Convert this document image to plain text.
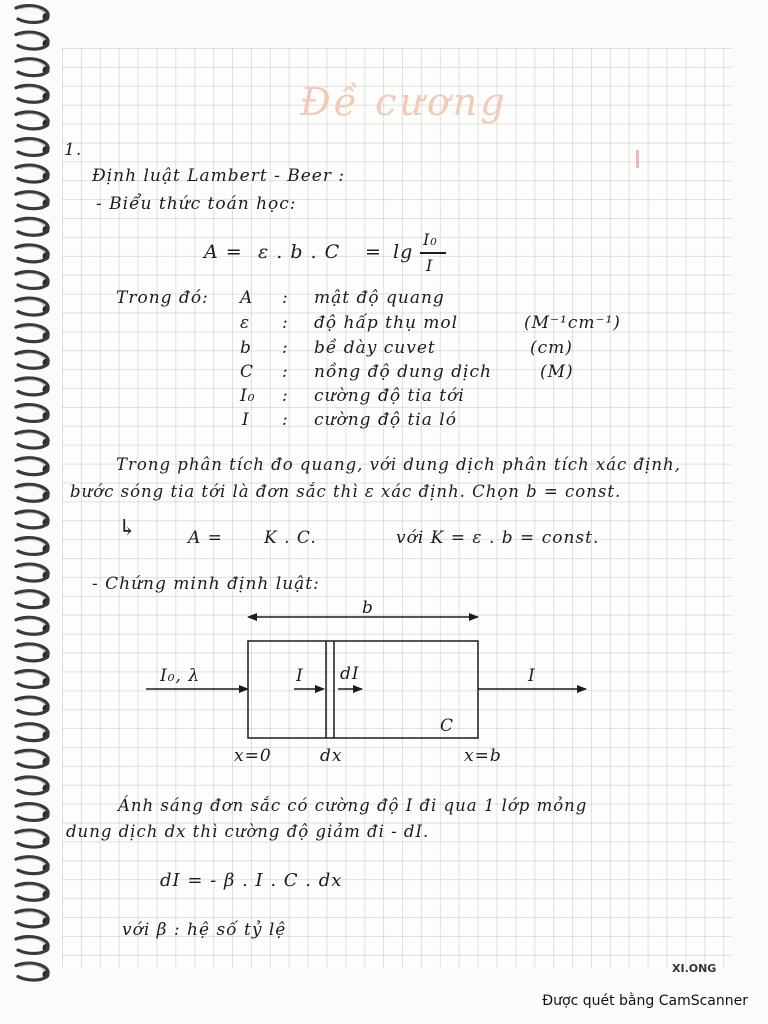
Đề cương
1.
Định luật Lambert - Beer :
- Biểu thức toán học:
A = ε . b . C = lg
I₀
I
Trong đó: A : mật độ quang
ε : độ hấp thụ mol	(M⁻¹cm⁻¹)
b : bề dày cuvet	(cm)
C : nồng độ dung dịch	(M)
I₀ : cường độ tia tới
I : cường độ tia ló
Trong phân tích đo quang, với dung dịch phân tích xác định,
bước sóng tia tới là đơn sắc thì ε xác định. Chọn b = const.
↳	A = K . C.	với K = ε . b = const.
- Chứng minh định luật:
b
I₀, λ	I dI	I
C
x=0	dx	x=b
Ánh sáng đơn sắc có cường độ I đi qua 1 lớp mỏng
dung dịch dx thì cường độ giảm đi - dI.
dI = - β . I . C . dx
với β : hệ số tỷ lệ
XI.ONG
Được quét bằng CamScanner
